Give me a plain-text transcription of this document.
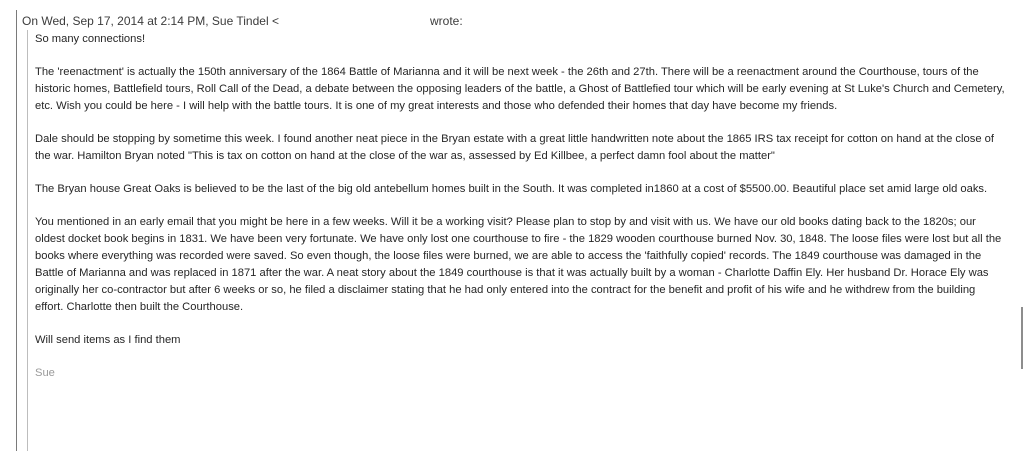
On Wed, Sep 17, 2014 at 2:14 PM, Sue Tindel <	wrote:

So many connections!

The 'reenactment' is actually the 150th anniversary of the 1864 Battle of Marianna and it will be next week - the 26th and 27th. There will be a reenactment around the Courthouse, tours of the historic homes, Battlefield tours, Roll Call of the Dead, a debate between the opposing leaders of the battle, a Ghost of Battlefied tour which will be early evening at St Luke's Church and Cemetery, etc. Wish you could be here - I will help with the battle tours. It is one of my great interests and those who defended their homes that day have become my friends.

Dale should be stopping by sometime this week. I found another neat piece in the Bryan estate with a great little handwritten note about the 1865 IRS tax receipt for cotton on hand at the close of the war. Hamilton Bryan noted "This is tax on cotton on hand at the close of the war as, assessed by Ed Killbee, a perfect damn fool about the matter"

The Bryan house Great Oaks is believed to be the last of the big old antebellum homes built in the South. It was completed in1860 at a cost of $5500.00. Beautiful place set amid large old oaks.

You mentioned in an early email that you might be here in a few weeks. Will it be a working visit? Please plan to stop by and visit with us. We have our old books dating back to the 1820s; our oldest docket book begins in 1831. We have been very fortunate. We have only lost one courthouse to fire - the 1829 wooden courthouse burned Nov. 30, 1848. The loose files were lost but all the books where everything was recorded were saved. So even though, the loose files were burned, we are able to access the 'faithfully copied' records. The 1849 courthouse was damaged in the Battle of Marianna and was replaced in 1871 after the war. A neat story about the 1849 courthouse is that it was actually built by a woman - Charlotte Daffin Ely. Her husband Dr. Horace Ely was originally her co-contractor but after 6 weeks or so, he filed a disclaimer stating that he had only entered into the contract for the benefit and profit of his wife and he withdrew from the building effort. Charlotte then built the Courthouse.

Will send items as I find them

Sue
